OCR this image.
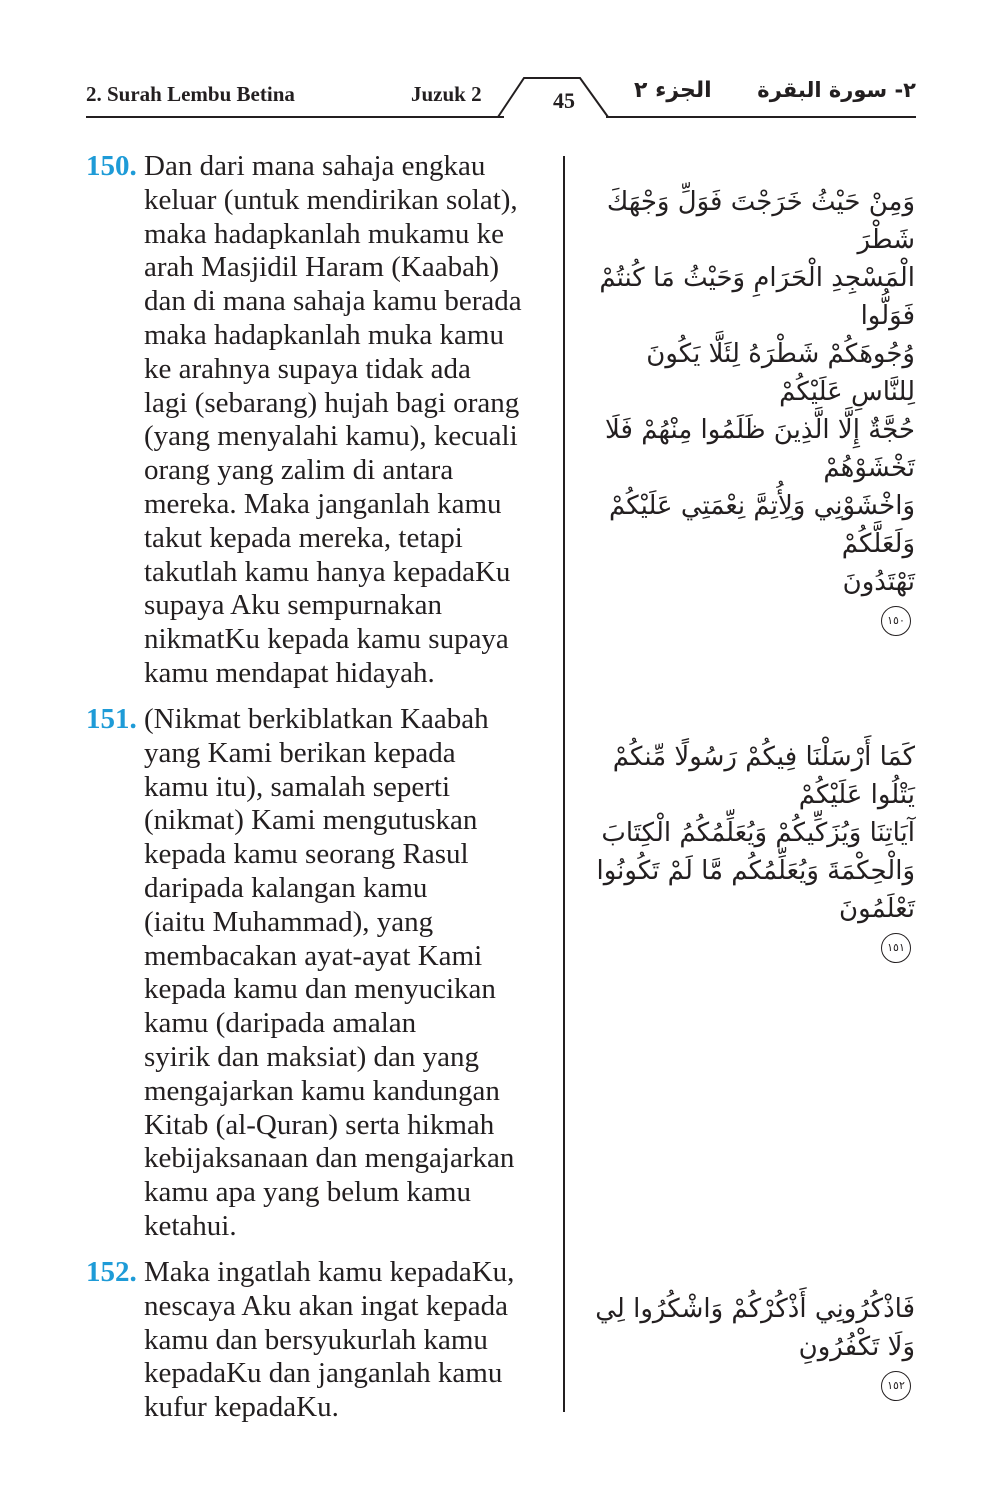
2. Surah Lembu Betina	Juzuk 2	الجزء ٢ ٢- سورة البقرة
45
150. Dan dari mana sahaja engkau
keluar (untuk mendirikan solat),
maka hadapkanlah mukamu ke
arah Masjidil Haram (Kaabah)
dan di mana sahaja kamu berada
maka hadapkanlah muka kamu
ke arahnya supaya tidak ada
lagi (sebarang) hujah bagi orang
(yang menyalahi kamu), kecuali
orang yang zalim di antara
mereka. Maka janganlah kamu
takut kepada mereka, tetapi
takutlah kamu hanya kepadaKu
supaya Aku sempurnakan
nikmatKu kepada kamu supaya
kamu mendapat hidayah.

وَمِنْ حَيْثُ خَرَجْتَ فَوَلِّ وَجْهَكَ شَطْرَ
الْمَسْجِدِ الْحَرَامِ وَحَيْثُ مَا كُنتُمْ فَوَلُّوا
وُجُوهَكُمْ شَطْرَهُ لِئَلَّا يَكُونَ لِلنَّاسِ عَلَيْكُمْ
حُجَّةٌ إِلَّا الَّذِينَ ظَلَمُوا مِنْهُمْ فَلَا تَخْشَوْهُمْ
وَاخْشَوْنِي وَلِأُتِمَّ نِعْمَتِي عَلَيْكُمْ وَلَعَلَّكُمْ
تَهْتَدُونَ
١٥٠

151. (Nikmat berkiblatkan Kaabah
yang Kami berikan kepada
kamu itu), samalah seperti
(nikmat) Kami mengutuskan
kepada kamu seorang Rasul
daripada kalangan kamu
(iaitu Muhammad), yang
membacakan ayat-ayat Kami
kepada kamu dan menyucikan
kamu (daripada amalan
syirik dan maksiat) dan yang
mengajarkan kamu kandungan
Kitab (al-Quran) serta hikmah
kebijaksanaan dan mengajarkan
kamu apa yang belum kamu
ketahui.

كَمَا أَرْسَلْنَا فِيكُمْ رَسُولًا مِّنكُمْ يَتْلُوا عَلَيْكُمْ
آيَاتِنَا وَيُزَكِّيكُمْ وَيُعَلِّمُكُمُ الْكِتَابَ
وَالْحِكْمَةَ وَيُعَلِّمُكُم مَّا لَمْ تَكُونُوا تَعْلَمُونَ
١٥١

152. Maka ingatlah kamu kepadaKu,
nescaya Aku akan ingat kepada
kamu dan bersyukurlah kamu
kepadaKu dan janganlah kamu
kufur kepadaKu.

فَاذْكُرُونِي أَذْكُرْكُمْ وَاشْكُرُوا لِي
وَلَا تَكْفُرُونِ
١٥٢
